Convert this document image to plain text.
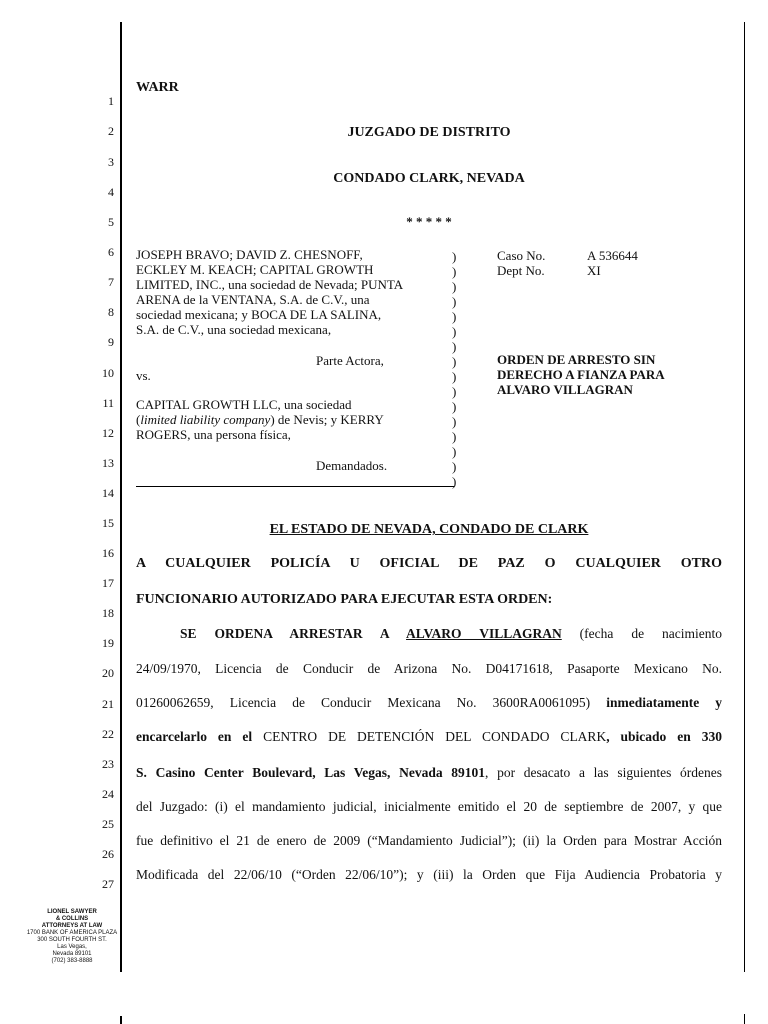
1
2
3
4
5
6
7
8
9
10
11
12
13
14
15
16
17
18
19
20
21
22
23
24
25
26
27
WARR
JUZGADO DE DISTRITO
CONDADO CLARK, NEVADA
* * * * *
JOSEPH BRAVO; DAVID Z. CHESNOFF,
ECKLEY M. KEACH; CAPITAL GROWTH
LIMITED, INC., una sociedad de Nevada; PUNTA
ARENA de la VENTANA, S.A. de C.V., una
sociedad mexicana; y BOCA DE LA SALINA,
S.A. de C.V., una sociedad mexicana,
Parte Actora,
vs.
CAPITAL GROWTH LLC, una sociedad
(limited liability company) de Nevis; y KERRY
ROGERS, una persona física,
Demandados.
)
)
)
)
)
)
)
)
)
)
)
)
)
)
)
)
Caso No.	A 536644
Dept No.	XI
ORDEN DE ARRESTO SIN
DERECHO A FIANZA PARA
ALVARO VILLAGRAN
EL ESTADO DE NEVADA, CONDADO DE CLARK
A CUALQUIER POLICÍA U OFICIAL DE PAZ O CUALQUIER OTRO
FUNCIONARIO AUTORIZADO PARA EJECUTAR ESTA ORDEN:
SE ORDENA ARRESTAR A ALVARO VILLAGRAN (fecha de nacimiento
24/09/1970, Licencia de Conducir de Arizona No. D04171618, Pasaporte Mexicano No.
01260062659, Licencia de Conducir Mexicana No. 3600RA0061095) inmediatamente y
encarcelarlo en el CENTRO DE DETENCIÓN DEL CONDADO CLARK, ubicado en 330
S. Casino Center Boulevard, Las Vegas, Nevada 89101, por desacato a las siguientes órdenes
del Juzgado: (i) el mandamiento judicial, inicialmente emitido el 20 de septiembre de 2007, y que
fue definitivo el 21 de enero de 2009 (“Mandamiento Judicial”); (ii) la Orden para Mostrar Acción
Modificada del 22/06/10 (“Orden 22/06/10”); y (iii) la Orden que Fija Audiencia Probatoria y
LIONEL SAWYER
& COLLINS
ATTORNEYS AT LAW
1700 BANK OF AMERICA PLAZA
300 SOUTH FOURTH ST.
Las Vegas,
Nevada 89101
(702) 383-8888
